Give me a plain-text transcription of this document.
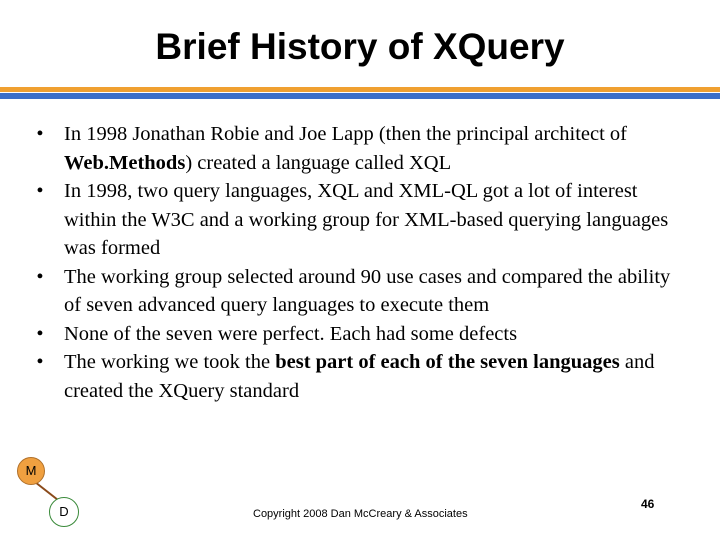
Brief History of XQuery
• In 1998 Jonathan Robie and Joe Lapp (then the principal architect of Web.Methods) created a language called XQL
• In 1998, two query languages, XQL and XML-QL got a lot of interest within the W3C and a working group for XML-based querying languages was formed
• The working group selected around 90 use cases and compared the ability of seven advanced query languages to execute them
• None of the seven were perfect. Each had some defects
• The working we took the best part of each of the seven languages and created the XQuery standard
M
D	Copyright 2008 Dan McCreary & Associates
46
